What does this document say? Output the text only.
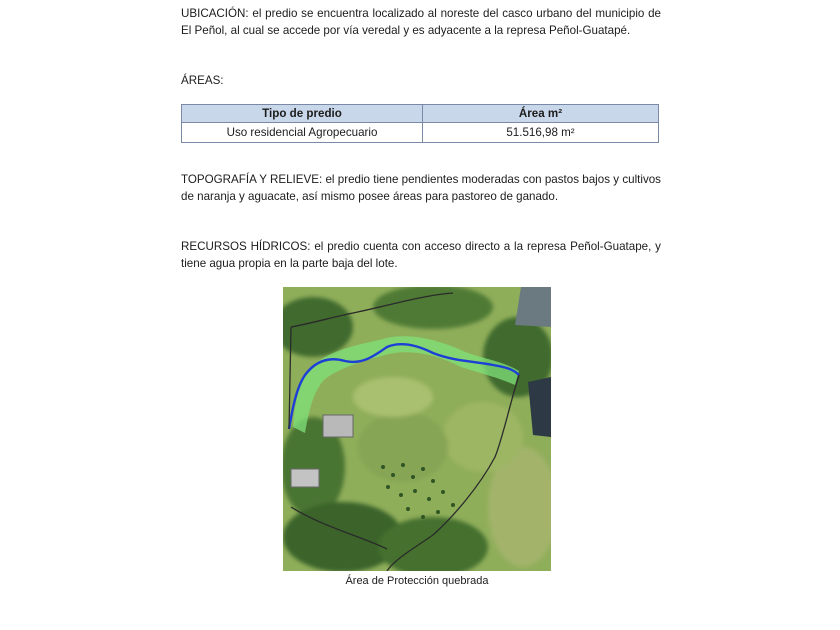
UBICACIÓN: el predio se encuentra localizado al noreste del casco urbano del municipio de El Peñol, al cual se accede por vía veredal y es adyacente a la represa Peñol-Guatapé.

ÁREAS:

Tipo de predio	Área m²
Uso residencial Agropecuario	51.516,98 m²

TOPOGRAFÍA Y RELIEVE: el predio tiene pendientes moderadas con pastos bajos y cultivos de naranja y aguacate, así mismo posee áreas para pastoreo de ganado.

RECURSOS HÍDRICOS: el predio cuenta con acceso directo a la represa Peñol-Guatape, y tiene agua propia en la parte baja del lote.

Área de Protección quebrada
